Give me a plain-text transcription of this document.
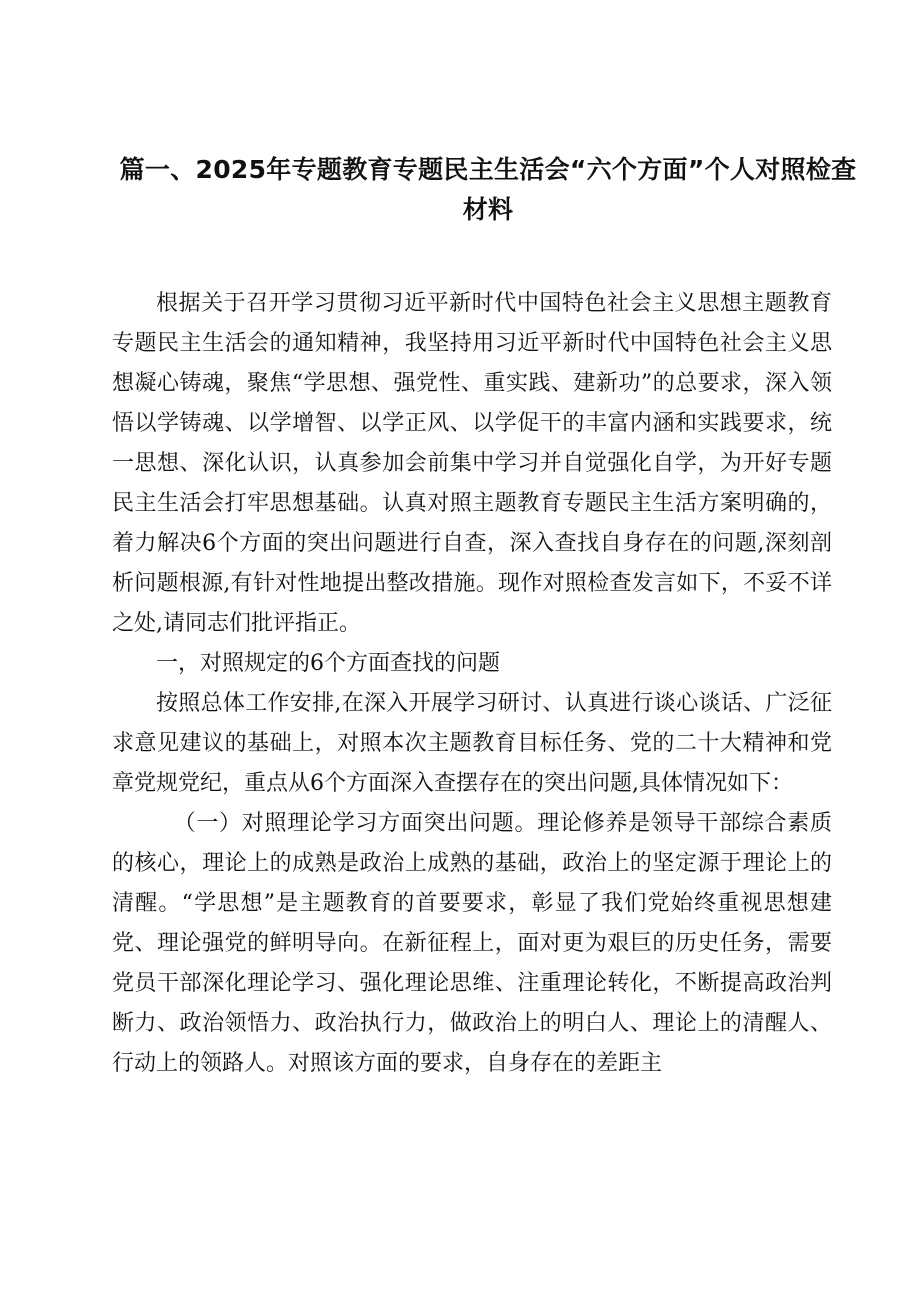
篇一、2025年专题教育专题民主生活会“六个方面”个人对照检查
材料

根据关于召开学习贯彻习近平新时代中国特色社会主义思想主题教育专题民主生活会的通知精神，我坚持用习近平新时代中国特色社会主义思想凝心铸魂，聚焦“学思想、强党性、重实践、建新功”的总要求，深入领悟以学铸魂、以学增智、以学正风、以学促干的丰富内涵和实践要求，统一思想、深化认识，认真参加会前集中学习并自觉强化自学，为开好专题民主生活会打牢思想基础。认真对照主题教育专题民主生活方案明确的，着力解决6个方面的突出问题进行自查，深入查找自身存在的问题,深刻剖析问题根源,有针对性地提出整改措施。现作对照检查发言如下，不妥不详之处,请同志们批评指正。

一，对照规定的6个方面查找的问题

按照总体工作安排,在深入开展学习研讨、认真进行谈心谈话、广泛征求意见建议的基础上，对照本次主题教育目标任务、党的二十大精神和党章党规党纪，重点从6个方面深入查摆存在的突出问题,具体情况如下：

（一）对照理论学习方面突出问题。理论修养是领导干部综合素质的核心，理论上的成熟是政治上成熟的基础，政治上的坚定源于理论上的清醒。“学思想”是主题教育的首要要求，彰显了我们党始终重视思想建党、理论强党的鲜明导向。在新征程上，面对更为艰巨的历史任务，需要党员干部深化理论学习、强化理论思维、注重理论转化，不断提高政治判断力、政治领悟力、政治执行力，做政治上的明白人、理论上的清醒人、行动上的领路人。对照该方面的要求，自身存在的差距主
